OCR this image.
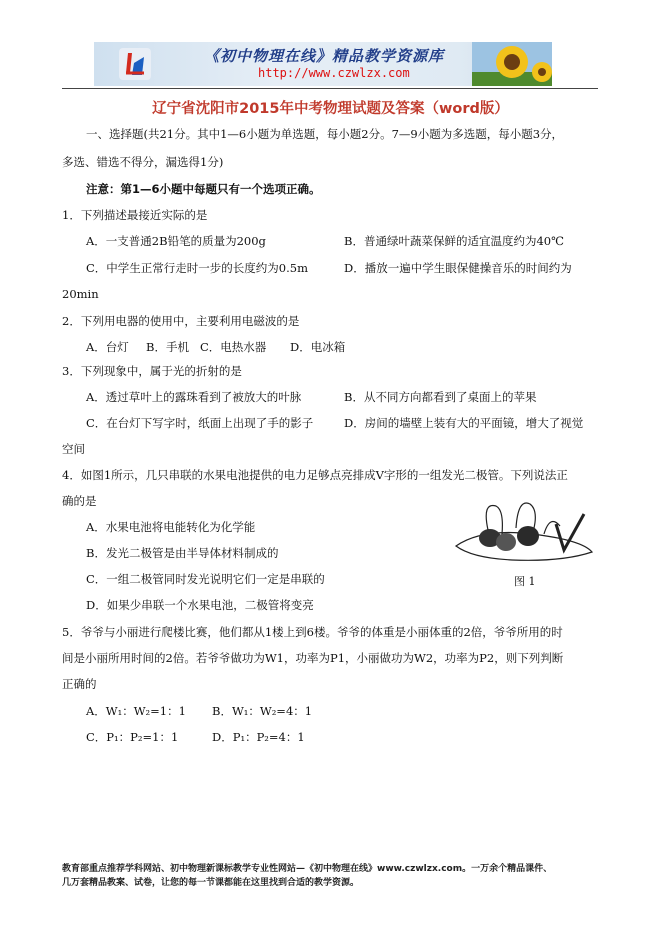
《初中物理在线》精品教学资源库
http://www.czwlzx.com
辽宁省沈阳市2015年中考物理试题及答案（word版）
一、选择题(共21分。其中1—6小题为单选题，每小题2分。7—9小题为多选题，每小题3分，
多选、错选不得分，漏选得1分)
注意：第1—6小题中每题只有一个选项正确。
1．下列描述最接近实际的是
A．一支普通2B铅笔的质量为200g	B．普通绿叶蔬菜保鲜的适宜温度约为40℃
C．中学生正常行走时一步的长度约为0.5m	D．播放一遍中学生眼保健操音乐的时间约为
20min
2．下列用电器的使用中，主要利用电磁波的是
A．台灯 B．手机 C．电热水器 D．电冰箱
3．下列现象中，属于光的折射的是
A．透过草叶上的露珠看到了被放大的叶脉	B．从不同方向都看到了桌面上的苹果
C．在台灯下写字时，纸面上出现了手的影子	D．房间的墙壁上装有大的平面镜，增大了视觉
空间
4．如图1所示，几只串联的水果电池提供的电力足够点亮排成V字形的一组发光二极管。下列说法正
确的是
A．水果电池将电能转化为化学能
B．发光二极管是由半导体材料制成的
C．一组二极管同时发光说明它们一定是串联的
D．如果少串联一个水果电池，二极管将变亮
图 1
5．爷爷与小丽进行爬楼比赛，他们都从1楼上到6楼。爷爷的体重是小丽体重的2倍，爷爷所用的时
间是小丽所用时间的2倍。若爷爷做功为W1，功率为P1，小丽做功为W2，功率为P2，则下列判断
正确的
A．W₁：W₂=1：1 B．W₁：W₂=4：1
C．P₁：P₂=1：1	D．P₁：P₂=4：1
教育部重点推荐学科网站、初中物理新课标教学专业性网站—《初中物理在线》www.czwlzx.com。一万余个精品课件、
几万套精品教案、试卷，让您的每一节课都能在这里找到合适的教学资源。
